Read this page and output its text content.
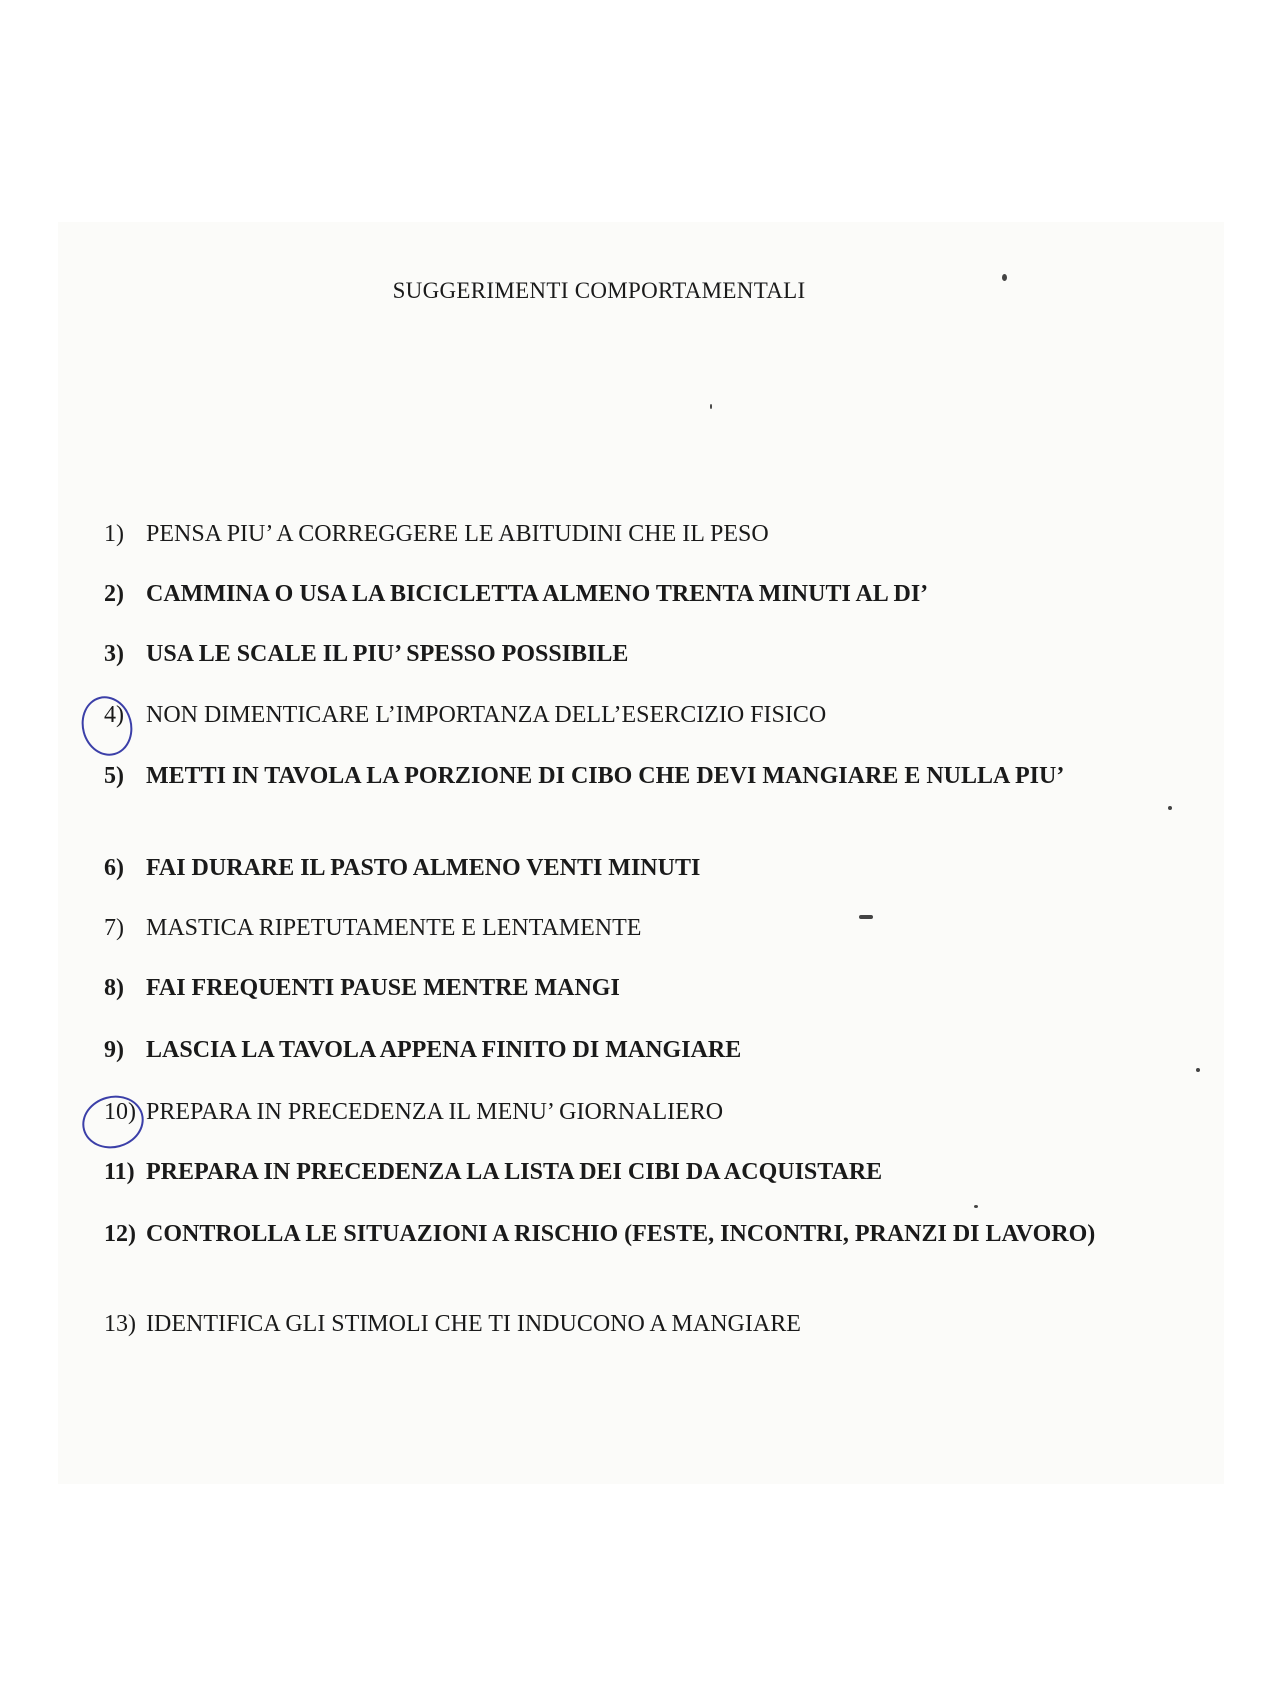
SUGGERIMENTI COMPORTAMENTALI
1) PENSA PIU’ A CORREGGERE LE ABITUDINI CHE IL PESO
2) CAMMINA O USA LA BICICLETTA ALMENO TRENTA MINUTI AL DI’
3) USA LE SCALE IL PIU’ SPESSO POSSIBILE
4) NON DIMENTICARE L’IMPORTANZA DELL’ESERCIZIO FISICO
5) METTI IN TAVOLA LA PORZIONE DI CIBO CHE DEVI MANGIARE E NULLA PIU’
6) FAI DURARE IL PASTO ALMENO VENTI MINUTI
7) MASTICA RIPETUTAMENTE E LENTAMENTE
8) FAI FREQUENTI PAUSE MENTRE MANGI
9) LASCIA LA TAVOLA APPENA FINITO DI MANGIARE
10) PREPARA IN PRECEDENZA IL MENU’ GIORNALIERO
11) PREPARA IN PRECEDENZA LA LISTA DEI CIBI DA ACQUISTARE
12) CONTROLLA LE SITUAZIONI A RISCHIO (FESTE, INCONTRI, PRANZI DI LAVORO)
13) IDENTIFICA GLI STIMOLI CHE TI INDUCONO A MANGIARE
